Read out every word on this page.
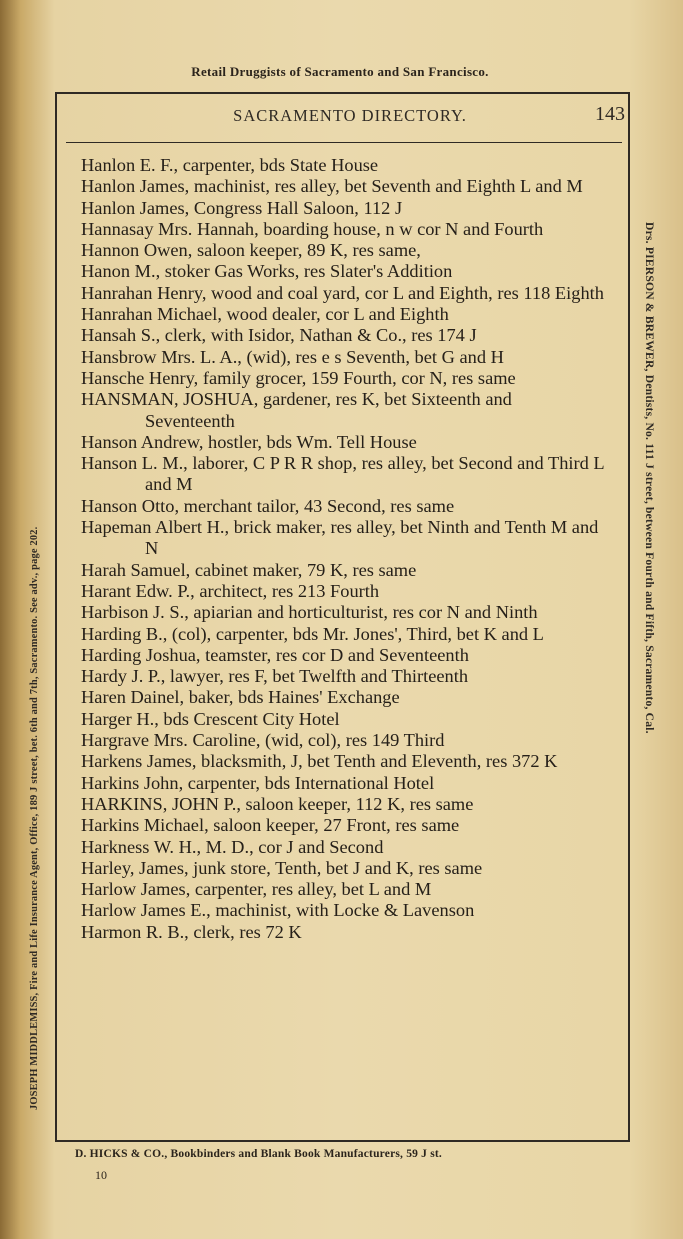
Retail Druggists of Sacramento and San Francisco.
SACRAMENTO DIRECTORY.	143

Hanlon E. F., carpenter, bds State House

Hanlon James, machinist, res alley, bet Seventh and Eighth L and M

Hanlon James, Congress Hall Saloon, 112 J

Hannasay Mrs. Hannah, boarding house, n w cor N and Fourth

Hannon Owen, saloon keeper, 89 K, res same,

Hanon M., stoker Gas Works, res Slater's Addition

Hanrahan Henry, wood and coal yard, cor L and Eighth, res 118 Eighth

Hanrahan Michael, wood dealer, cor L and Eighth

Hansah S., clerk, with Isidor, Nathan & Co., res 174 J

Hansbrow Mrs. L. A., (wid), res e s Seventh, bet G and H

Hansche Henry, family grocer, 159 Fourth, cor N, res same

HANSMAN, JOSHUA, gardener, res K, bet Sixteenth and Seventeenth

Hanson Andrew, hostler, bds Wm. Tell House

Hanson L. M., laborer, C P R R shop, res alley, bet Second and Third L and M

Hanson Otto, merchant tailor, 43 Second, res same

Hapeman Albert H., brick maker, res alley, bet Ninth and Tenth M and N

Harah Samuel, cabinet maker, 79 K, res same

Harant Edw. P., architect, res 213 Fourth

Harbison J. S., apiarian and horticulturist, res cor N and Ninth

Harding B., (col), carpenter, bds Mr. Jones', Third, bet K and L

Harding Joshua, teamster, res cor D and Seventeenth

Hardy J. P., lawyer, res F, bet Twelfth and Thirteenth

Haren Dainel, baker, bds Haines' Exchange

Harger H., bds Crescent City Hotel

Hargrave Mrs. Caroline, (wid, col), res 149 Third

Harkens James, blacksmith, J, bet Tenth and Eleventh, res 372 K

Harkins John, carpenter, bds International Hotel

HARKINS, JOHN P., saloon keeper, 112 K, res same

Harkins Michael, saloon keeper, 27 Front, res same

Harkness W. H., M. D., cor J and Second

Harley, James, junk store, Tenth, bet J and K, res same

Harlow James, carpenter, res alley, bet L and M

Harlow James E., machinist, with Locke & Lavenson

Harmon R. B., clerk, res 72 K

D. HICKS & CO., Bookbinders and Blank Book Manufacturers, 59 J st.
10
JOSEPH MIDDLEMISS, Fire and Life Insurance Agent, Office, 189 J street, bet. 6th and 7th, Sacramento. See adv., page 202.
Drs. PIERSON & BREWER, Dentists, No. 111 J street, between Fourth and Fifth, Sacramento, Cal.
